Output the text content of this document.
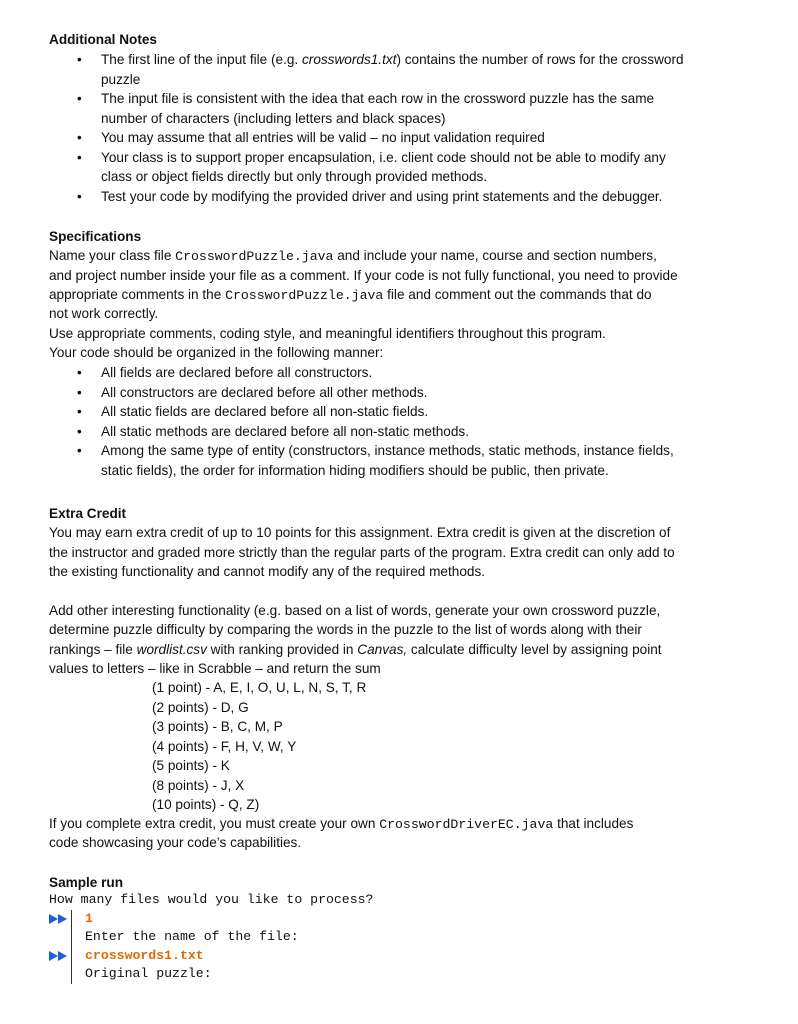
Additional Notes
• The first line of the input file (e.g. crosswords1.txt) contains the number of rows for the crossword
puzzle
• The input file is consistent with the idea that each row in the crossword puzzle has the same
number of characters (including letters and black spaces)
• You may assume that all entries will be valid – no input validation required
• Your class is to support proper encapsulation, i.e. client code should not be able to modify any
class or object fields directly but only through provided methods.
• Test your code by modifying the provided driver and using print statements and the debugger.
Specifications
Name your class file CrosswordPuzzle.java and include your name, course and section numbers,
and project number inside your file as a comment. If your code is not fully functional, you need to provide
appropriate comments in the CrosswordPuzzle.java file and comment out the commands that do
not work correctly.
Use appropriate comments, coding style, and meaningful identifiers throughout this program.
Your code should be organized in the following manner:
• All fields are declared before all constructors.
• All constructors are declared before all other methods.
• All static fields are declared before all non-static fields.
• All static methods are declared before all non-static methods.
• Among the same type of entity (constructors, instance methods, static methods, instance fields,
static fields), the order for information hiding modifiers should be public, then private.
Extra Credit
You may earn extra credit of up to 10 points for this assignment. Extra credit is given at the discretion of
the instructor and graded more strictly than the regular parts of the program. Extra credit can only add to
the existing functionality and cannot modify any of the required methods.
Add other interesting functionality (e.g. based on a list of words, generate your own crossword puzzle,
determine puzzle difficulty by comparing the words in the puzzle to the list of words along with their
rankings – file wordlist.csv with ranking provided in Canvas, calculate difficulty level by assigning point
values to letters – like in Scrabble – and return the sum
(1 point) - A, E, I, O, U, L, N, S, T, R
(2 points) - D, G
(3 points) - B, C, M, P
(4 points) - F, H, V, W, Y
(5 points) - K
(8 points) - J, X
(10 points) - Q, Z)
If you complete extra credit, you must create your own CrosswordDriverEC.java that includes
code showcasing your code’s capabilities.
Sample run
How many files would you like to process?
1
Enter the name of the file:
crosswords1.txt
Original puzzle:
